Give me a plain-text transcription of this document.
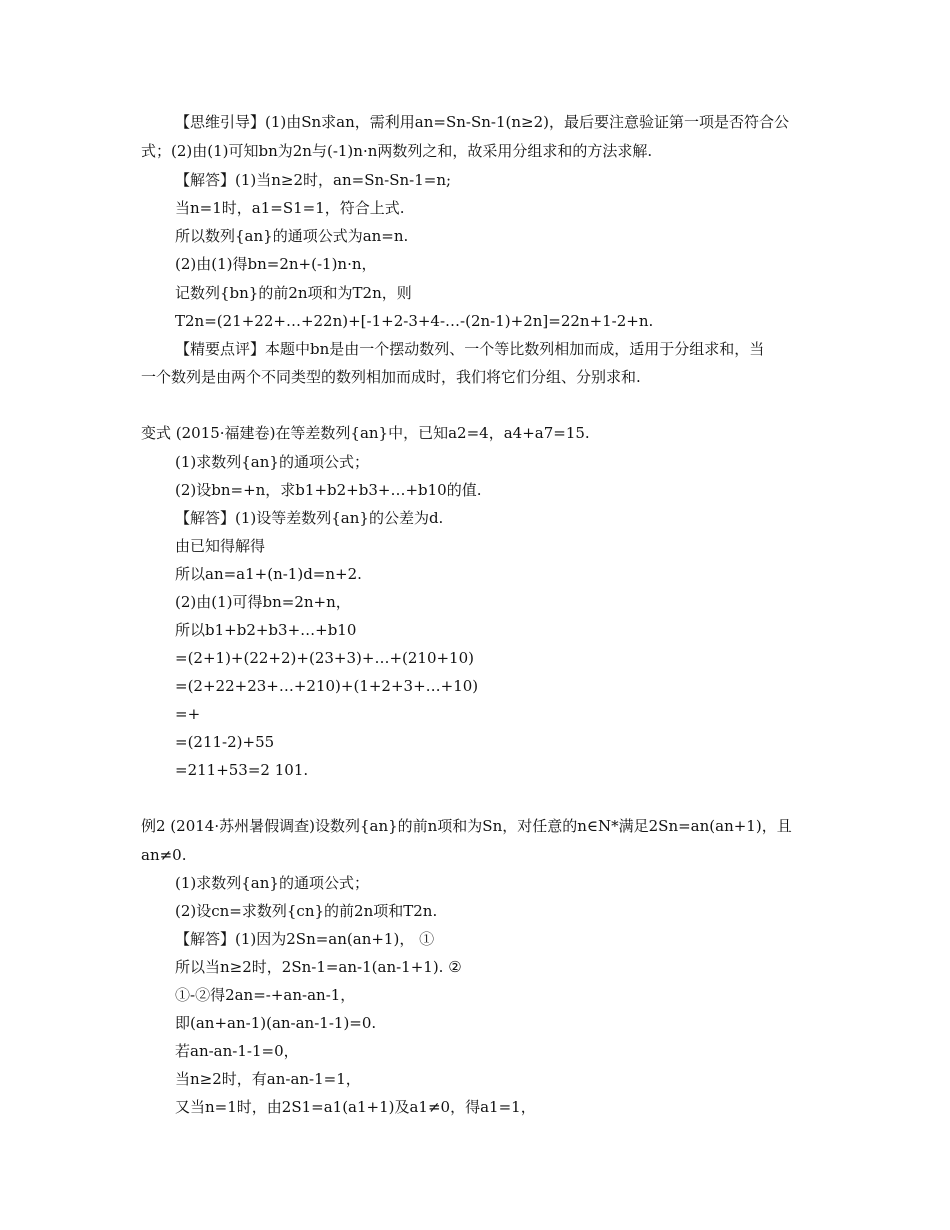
【思维引导】(1)由Sn求an，需利用an=Sn-Sn-1(n≥2)，最后要注意验证第一项是否符合公
式；(2)由(1)可知bn为2n与(-1)n·n两数列之和，故采用分组求和的方法求解.
【解答】(1)当n≥2时，an=Sn-Sn-1=n;
当n=1时，a1=S1=1，符合上式.
所以数列{an}的通项公式为an=n.
(2)由(1)得bn=2n+(-1)n·n，
记数列{bn}的前2n项和为T2n，则
T2n=(21+22+…+22n)+[-1+2-3+4-…-(2n-1)+2n]=22n+1-2+n.
【精要点评】本题中bn是由一个摆动数列、一个等比数列相加而成，适用于分组求和，当
一个数列是由两个不同类型的数列相加而成时，我们将它们分组、分别求和.
变式 (2015·福建卷)在等差数列{an}中，已知a2=4，a4+a7=15.
(1)求数列{an}的通项公式；
(2)设bn=+n，求b1+b2+b3+…+b10的值.
【解答】(1)设等差数列{an}的公差为d.
由已知得解得
所以an=a1+(n-1)d=n+2.
(2)由(1)可得bn=2n+n，
所以b1+b2+b3+…+b10
=(2+1)+(22+2)+(23+3)+…+(210+10)
=(2+22+23+…+210)+(1+2+3+…+10)
=+
=(211-2)+55
=211+53=2 101.
例2 (2014·苏州暑假调查)设数列{an}的前n项和为Sn，对任意的n∈N*满足2Sn=an(an+1)，且
an≠0.
(1)求数列{an}的通项公式；
(2)设cn=求数列{cn}的前2n项和T2n.
【解答】(1)因为2Sn=an(an+1)， ①
所以当n≥2时，2Sn-1=an-1(an-1+1). ②
①-②得2an=-+an-an-1，
即(an+an-1)(an-an-1-1)=0.
若an-an-1-1=0，
当n≥2时，有an-an-1=1，
又当n=1时，由2S1=a1(a1+1)及a1≠0，得a1=1，
